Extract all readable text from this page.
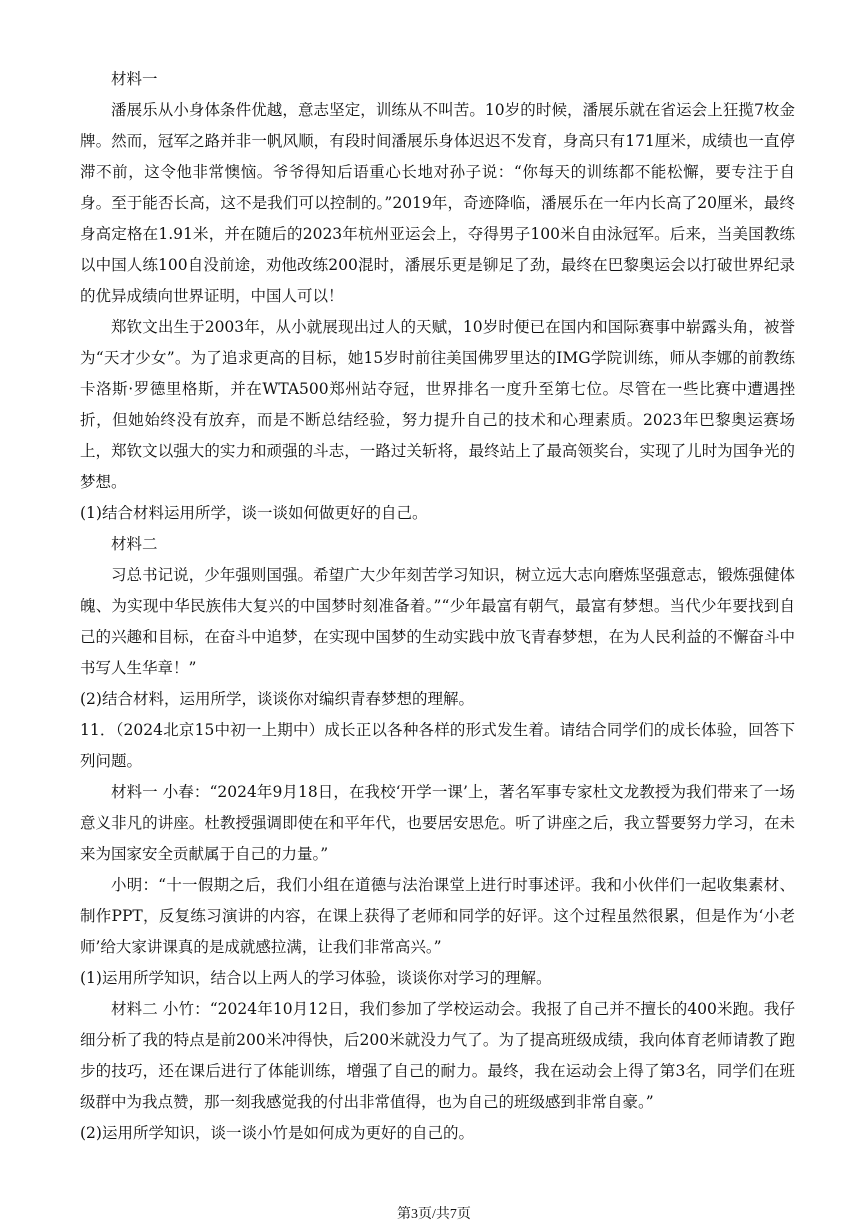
材料一

潘展乐从小身体条件优越，意志坚定，训练从不叫苦。10岁的时候，潘展乐就在省运会上狂揽7枚金牌。然而，冠军之路并非一帆风顺，有段时间潘展乐身体迟迟不发育，身高只有171厘米，成绩也一直停滞不前，这令他非常懊恼。爷爷得知后语重心长地对孙子说：“你每天的训练都不能松懈，要专注于自身。至于能否长高，这不是我们可以控制的。”2019年，奇迹降临，潘展乐在一年内长高了20厘米，最终身高定格在1.91米，并在随后的2023年杭州亚运会上，夺得男子100米自由泳冠军。后来，当美国教练以中国人练100自没前途，劝他改练200混时，潘展乐更是铆足了劲，最终在巴黎奥运会以打破世界纪录的优异成绩向世界证明，中国人可以！

郑钦文出生于2003年，从小就展现出过人的天赋，10岁时便已在国内和国际赛事中崭露头角，被誉为“天才少女”。为了追求更高的目标，她15岁时前往美国佛罗里达的IMG学院训练，师从李娜的前教练卡洛斯·罗德里格斯，并在WTA500郑州站夺冠，世界排名一度升至第七位。尽管在一些比赛中遭遇挫折，但她始终没有放弃，而是不断总结经验，努力提升自己的技术和心理素质。2023年巴黎奥运赛场上，郑钦文以强大的实力和顽强的斗志，一路过关斩将，最终站上了最高领奖台，实现了儿时为国争光的梦想。

(1)结合材料运用所学，谈一谈如何做更好的自己。

材料二

习总书记说，少年强则国强。希望广大少年刻苦学习知识，树立远大志向磨炼坚强意志，锻炼强健体魄、为实现中华民族伟大复兴的中国梦时刻准备着。”“少年最富有朝气，最富有梦想。当代少年要找到自己的兴趣和目标，在奋斗中追梦，在实现中国梦的生动实践中放飞青春梦想，在为人民利益的不懈奋斗中书写人生华章！”

(2)结合材料，运用所学，谈谈你对编织青春梦想的理解。

11．（2024北京15中初一上期中）成长正以各种各样的形式发生着。请结合同学们的成长体验，回答下列问题。

材料一 小春：“2024年9月18日，在我校‘开学一课’上，著名军事专家杜文龙教授为我们带来了一场意义非凡的讲座。杜教授强调即使在和平年代，也要居安思危。听了讲座之后，我立誓要努力学习，在未来为国家安全贡献属于自己的力量。”

小明：“十一假期之后，我们小组在道德与法治课堂上进行时事述评。我和小伙伴们一起收集素材、制作PPT，反复练习演讲的内容，在课上获得了老师和同学的好评。这个过程虽然很累，但是作为‘小老师’给大家讲课真的是成就感拉满，让我们非常高兴。”

(1)运用所学知识，结合以上两人的学习体验，谈谈你对学习的理解。

材料二 小竹：“2024年10月12日，我们参加了学校运动会。我报了自己并不擅长的400米跑。我仔细分析了我的特点是前200米冲得快，后200米就没力气了。为了提高班级成绩，我向体育老师请教了跑步的技巧，还在课后进行了体能训练，增强了自己的耐力。最终，我在运动会上得了第3名，同学们在班级群中为我点赞，那一刻我感觉我的付出非常值得，也为自己的班级感到非常自豪。”

(2)运用所学知识，谈一谈小竹是如何成为更好的自己的。

第3页/共7页
